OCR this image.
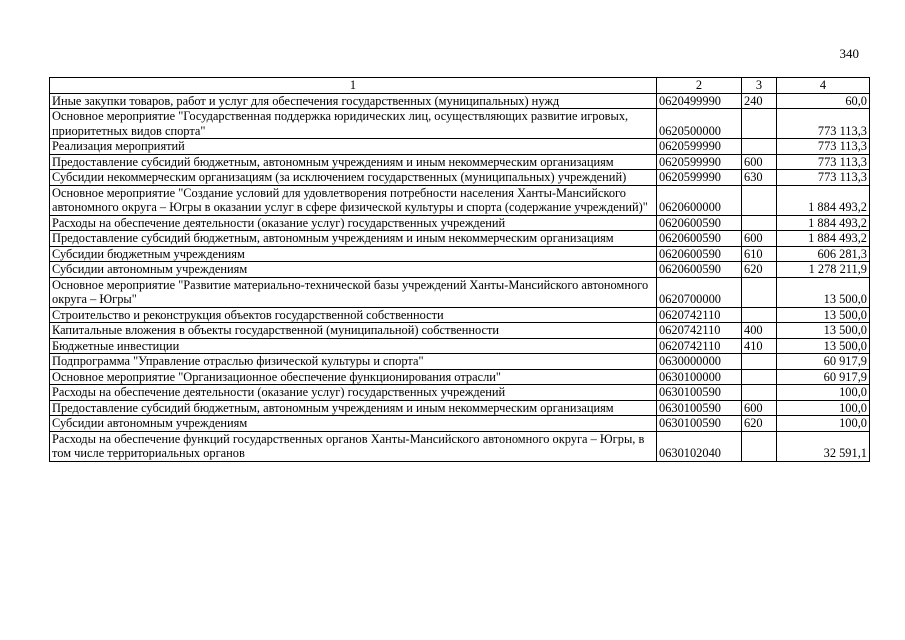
340
1	2	3	4
Иные закупки товаров, работ и услуг для обеспечения государственных (муниципальных) нужд	0620499990	240	60,0
Основное мероприятие "Государственная поддержка юридических лиц, осуществляющих развитие игровых, приоритетных видов спорта"	0620500000		773 113,3
Реализация мероприятий	0620599990		773 113,3
Предоставление субсидий бюджетным, автономным учреждениям и иным некоммерческим организациям	0620599990	600	773 113,3
Субсидии некоммерческим организациям (за исключением государственных (муниципальных) учреждений)	0620599990	630	773 113,3
Основное мероприятие "Создание условий для удовлетворения потребности населения Ханты-Мансийского автономного округа – Югры в оказании услуг в сфере физической культуры и спорта (содержание учреждений)"	0620600000		1 884 493,2
Расходы на обеспечение деятельности (оказание услуг) государственных учреждений	0620600590		1 884 493,2
Предоставление субсидий бюджетным, автономным учреждениям и иным некоммерческим организациям	0620600590	600	1 884 493,2
Субсидии бюджетным учреждениям	0620600590	610	606 281,3
Субсидии автономным учреждениям	0620600590	620	1 278 211,9
Основное мероприятие "Развитие материально-технической базы учреждений Ханты-Мансийского автономного округа – Югры"	0620700000		13 500,0
Строительство и реконструкция объектов государственной собственности	0620742110		13 500,0
Капитальные вложения в объекты государственной (муниципальной) собственности	0620742110	400	13 500,0
Бюджетные инвестиции	0620742110	410	13 500,0
Подпрограмма "Управление отраслью физической культуры и спорта"	0630000000		60 917,9
Основное мероприятие "Организационное обеспечение функционирования отрасли"	0630100000		60 917,9
Расходы на обеспечение деятельности (оказание услуг) государственных учреждений	0630100590		100,0
Предоставление субсидий бюджетным, автономным учреждениям и иным некоммерческим организациям	0630100590	600	100,0
Субсидии автономным учреждениям	0630100590	620	100,0
Расходы на обеспечение функций государственных органов Ханты-Мансийского автономного округа – Югры, в том числе территориальных органов	0630102040		32 591,1
